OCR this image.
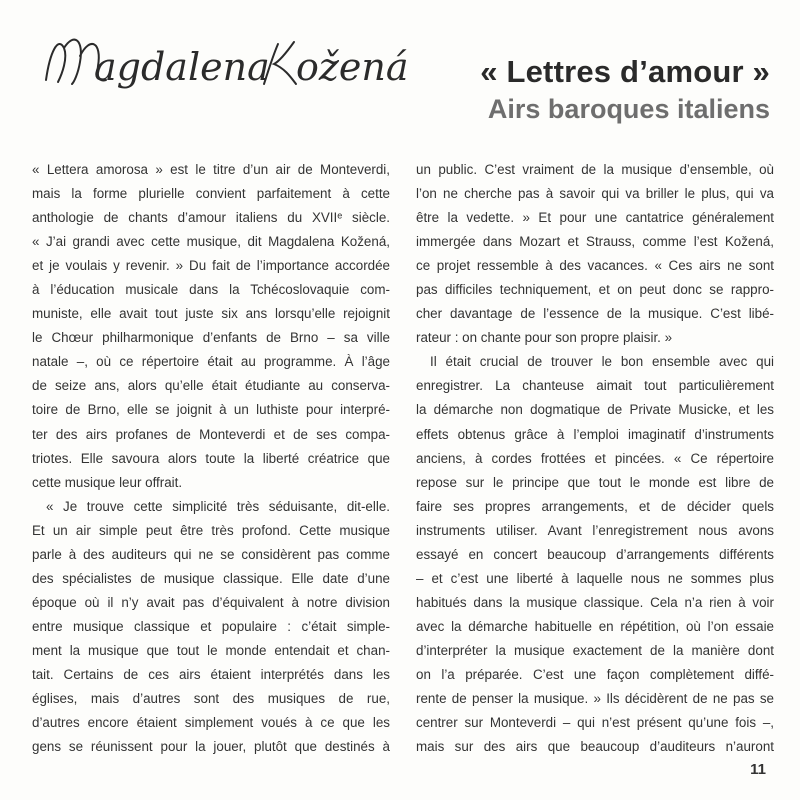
agdalena ožená « Lettres d’amour »
Airs baroques italiens
« Lettera amorosa » est le titre d’un air de Monteverdi,
mais la forme plurielle convient parfaitement à cette
anthologie de chants d’amour italiens du XVIIᵉ siècle.
« J’ai grandi avec cette musique, dit Magdalena Kožená,
et je voulais y revenir. » Du fait de l’importance accordée
à l’éducation musicale dans la Tchécoslovaquie com-
muniste, elle avait tout juste six ans lorsqu’elle rejoignit
le Chœur philharmonique d’enfants de Brno – sa ville
natale –, où ce répertoire était au programme. À l’âge
de seize ans, alors qu’elle était étudiante au conserva-
toire de Brno, elle se joignit à un luthiste pour interpré-
ter des airs profanes de Monteverdi et de ses compa-
triotes. Elle savoura alors toute la liberté créatrice que
cette musique leur offrait.
« Je trouve cette simplicité très séduisante, dit-elle.
Et un air simple peut être très profond. Cette musique
parle à des auditeurs qui ne se considèrent pas comme
des spécialistes de musique classique. Elle date d’une
époque où il n’y avait pas d’équivalent à notre division
entre musique classique et populaire : c’était simple-
ment la musique que tout le monde entendait et chan-
tait. Certains de ces airs étaient interprétés dans les
églises, mais d’autres sont des musiques de rue,
d’autres encore étaient simplement voués à ce que les
gens se réunissent pour la jouer, plutôt que destinés à
un public. C’est vraiment de la musique d’ensemble, où
l’on ne cherche pas à savoir qui va briller le plus, qui va
être la vedette. » Et pour une cantatrice généralement
immergée dans Mozart et Strauss, comme l’est Kožená,
ce projet ressemble à des vacances. « Ces airs ne sont
pas difficiles techniquement, et on peut donc se rappro-
cher davantage de l’essence de la musique. C’est libé-
rateur : on chante pour son propre plaisir. »
Il était crucial de trouver le bon ensemble avec qui
enregistrer. La chanteuse aimait tout particulièrement
la démarche non dogmatique de Private Musicke, et les
effets obtenus grâce à l’emploi imaginatif d’instruments
anciens, à cordes frottées et pincées. « Ce répertoire
repose sur le principe que tout le monde est libre de
faire ses propres arrangements, et de décider quels
instruments utiliser. Avant l’enregistrement nous avons
essayé en concert beaucoup d’arrangements différents
– et c’est une liberté à laquelle nous ne sommes plus
habitués dans la musique classique. Cela n’a rien à voir
avec la démarche habituelle en répétition, où l’on essaie
d’interpréter la musique exactement de la manière dont
on l’a préparée. C’est une façon complètement diffé-
rente de penser la musique. » Ils décidèrent de ne pas se
centrer sur Monteverdi – qui n’est présent qu’une fois –,
mais sur des airs que beaucoup d’auditeurs n’auront
11
